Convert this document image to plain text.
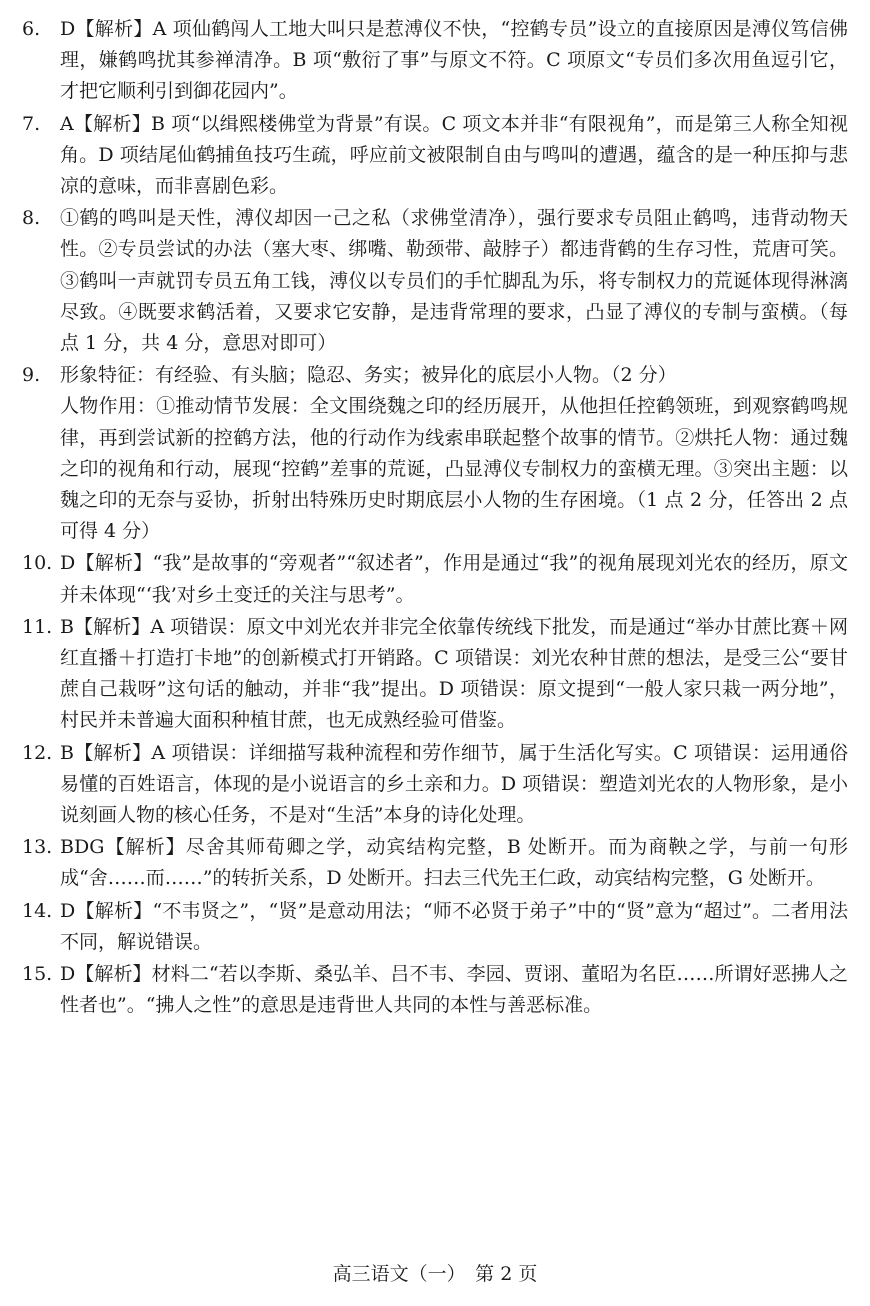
6.	D【解析】A 项仙鹤闯人工地大叫只是惹溥仪不快，“控鹤专员”设立的直接原因是溥仪笃信佛理，嫌鹤鸣扰其参禅清净。B 项“敷衍了事”与原文不符。C 项原文“专员们多次用鱼逗引它，才把它顺利引到御花园内”。

7.	A【解析】B 项“以缉熙楼佛堂为背景”有误。C 项文本并非“有限视角”，而是第三人称全知视角。D 项结尾仙鹤捕鱼技巧生疏，呼应前文被限制自由与鸣叫的遭遇，蕴含的是一种压抑与悲凉的意味，而非喜剧色彩。

8.	①鹤的鸣叫是天性，溥仪却因一己之私（求佛堂清净），强行要求专员阻止鹤鸣，违背动物天性。②专员尝试的办法（塞大枣、绑嘴、勒颈带、敲脖子）都违背鹤的生存习性，荒唐可笑。③鹤叫一声就罚专员五角工钱，溥仪以专员们的手忙脚乱为乐，将专制权力的荒诞体现得淋漓尽致。④既要求鹤活着，又要求它安静，是违背常理的要求，凸显了溥仪的专制与蛮横。（每点 1 分，共 4 分，意思对即可）

9.	形象特征：有经验、有头脑；隐忍、务实；被异化的底层小人物。（2 分）

人物作用：①推动情节发展：全文围绕魏之印的经历展开，从他担任控鹤领班，到观察鹤鸣规律，再到尝试新的控鹤方法，他的行动作为线索串联起整个故事的情节。②烘托人物：通过魏之印的视角和行动，展现“控鹤”差事的荒诞，凸显溥仪专制权力的蛮横无理。③突出主题：以魏之印的无奈与妥协，折射出特殊历史时期底层小人物的生存困境。（1 点 2 分，任答出 2 点可得 4 分）

10. D【解析】“我”是故事的“旁观者”“叙述者”，作用是通过“我”的视角展现刘光农的经历，原文并未体现“‘我’对乡土变迁的关注与思考”。

11. B【解析】A 项错误：原文中刘光农并非完全依靠传统线下批发，而是通过“举办甘蔗比赛＋网红直播＋打造打卡地”的创新模式打开销路。C 项错误：刘光农种甘蔗的想法，是受三公“要甘蔗自己栽呀”这句话的触动，并非“我”提出。D 项错误：原文提到“一般人家只栽一两分地”，村民并未普遍大面积种植甘蔗，也无成熟经验可借鉴。

12. B【解析】A 项错误：详细描写栽种流程和劳作细节，属于生活化写实。C 项错误：运用通俗易懂的百姓语言，体现的是小说语言的乡土亲和力。D 项错误：塑造刘光农的人物形象，是小说刻画人物的核心任务，不是对“生活”本身的诗化处理。

13. BDG【解析】尽舍其师荀卿之学，动宾结构完整，B 处断开。而为商鞅之学，与前一句形成“舍……而……”的转折关系，D 处断开。扫去三代先王仁政，动宾结构完整，G 处断开。

14. D【解析】“不韦贤之”，“贤”是意动用法；“师不必贤于弟子”中的“贤”意为“超过”。二者用法不同，解说错误。

15. D【解析】材料二“若以李斯、桑弘羊、吕不韦、李园、贾诩、董昭为名臣……所谓好恶拂人之性者也”。“拂人之性”的意思是违背世人共同的本性与善恶标准。

高三语文（一）　第 2 页
